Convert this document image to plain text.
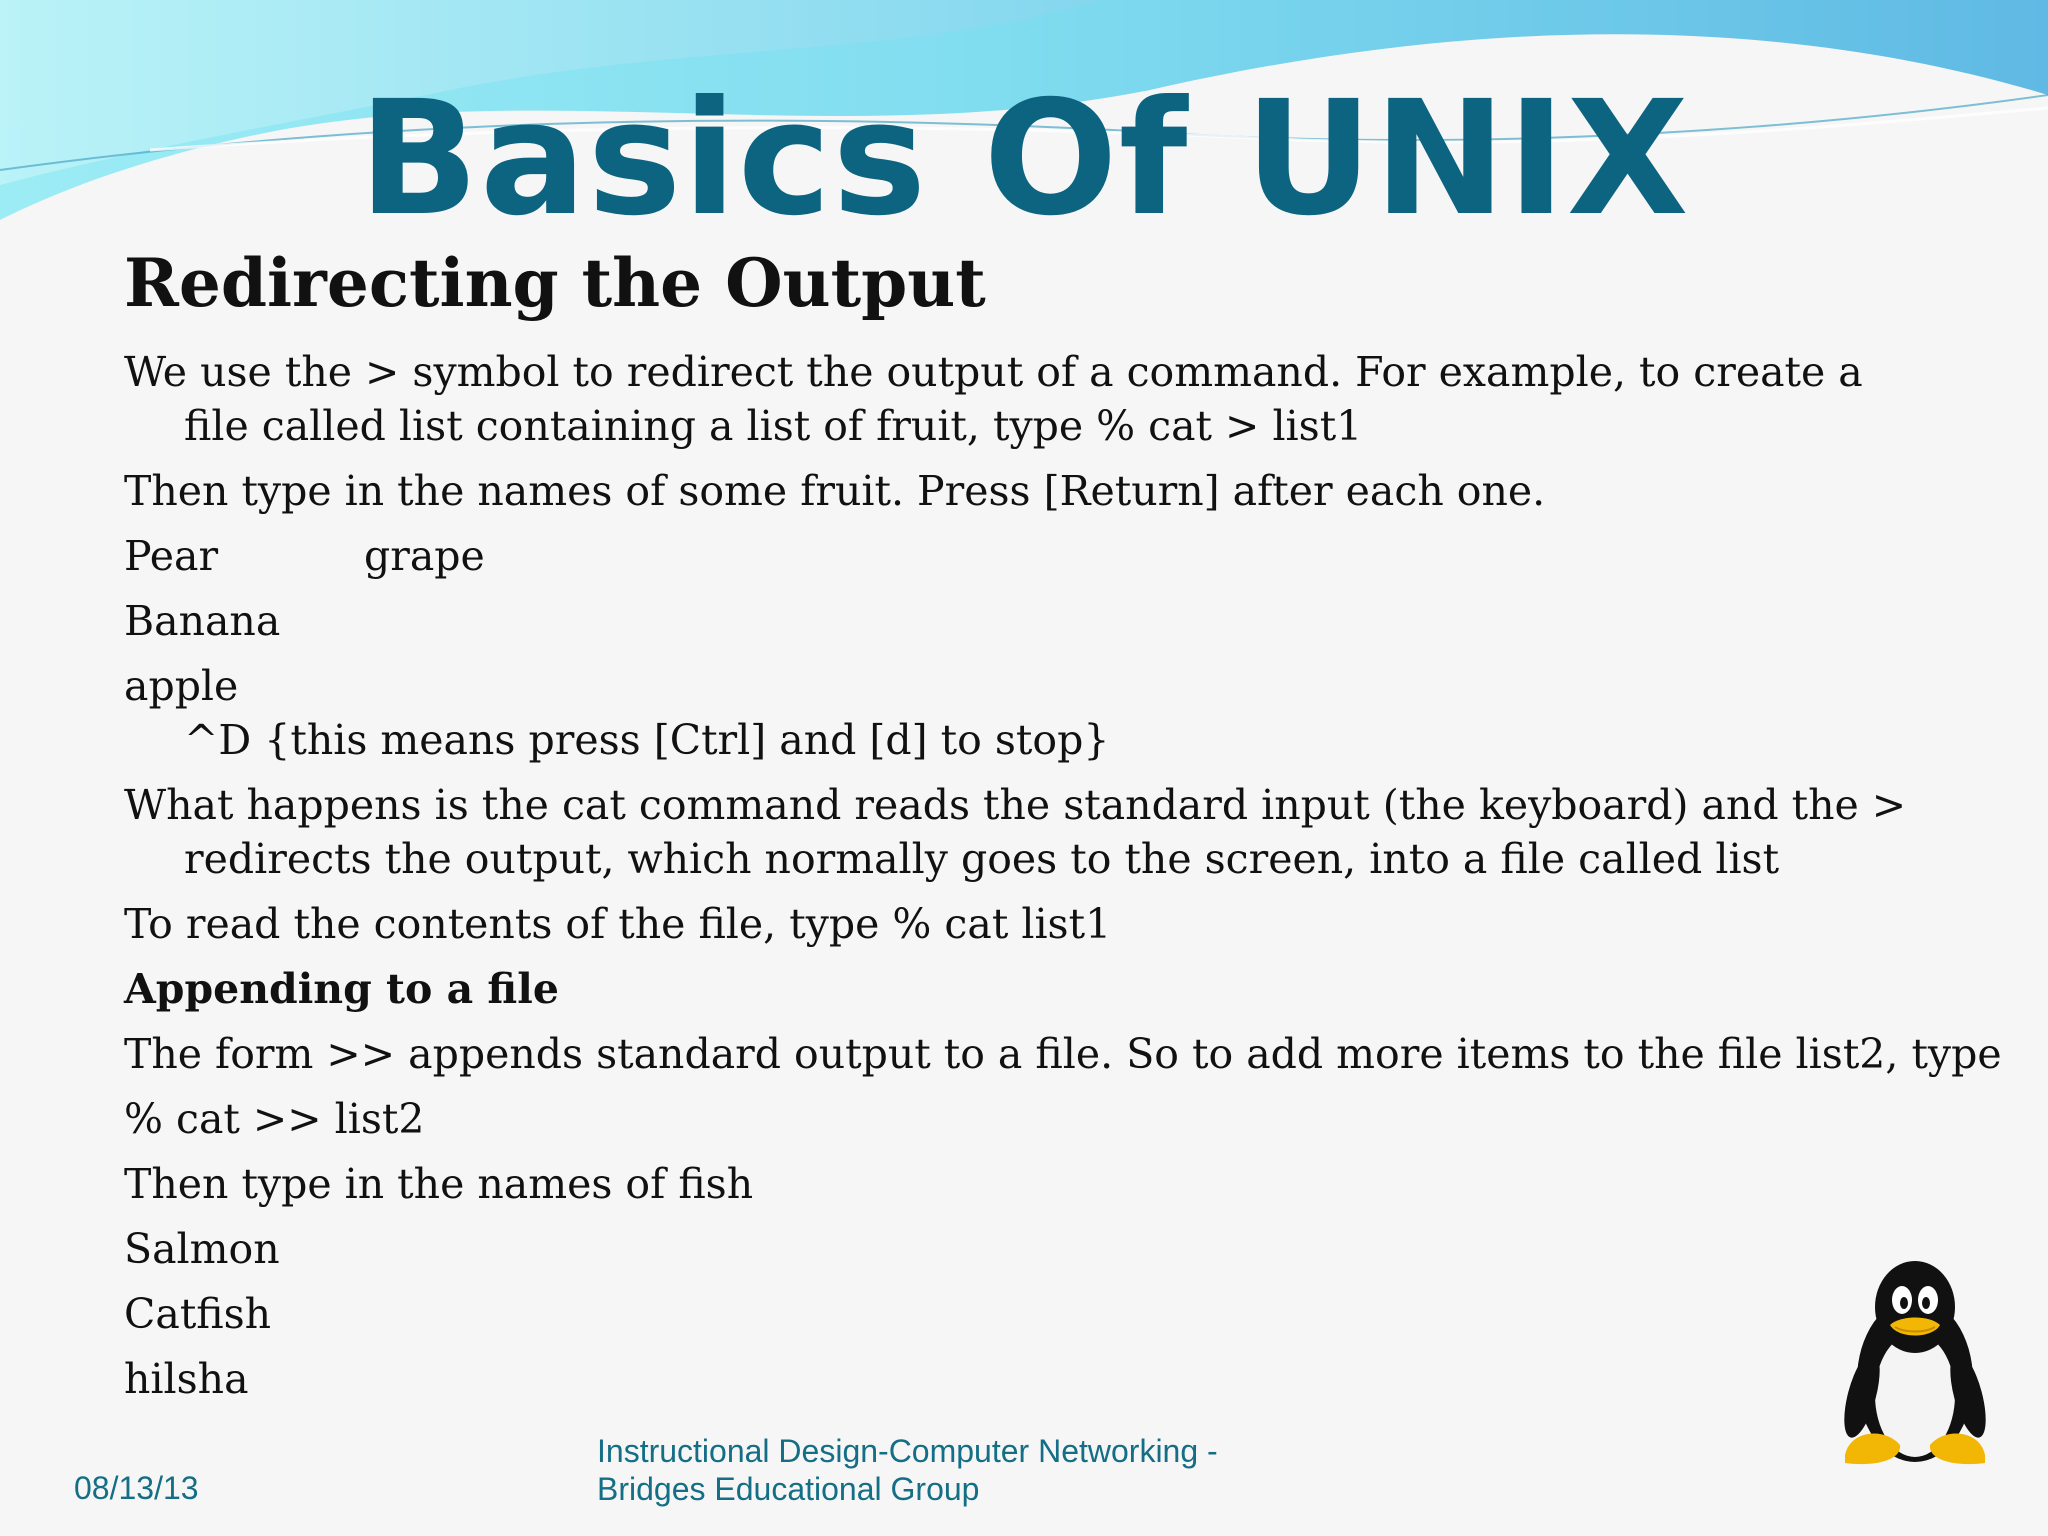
Basics Of UNIX
Redirecting the Output

We use the > symbol to redirect the output of a command. For example, to create a file called list containing a list of fruit, type % cat > list1

Then type in the names of some fruit. Press [Return] after each one.

Pear	grape

Banana

apple

^D {this means press [Ctrl] and [d] to stop}

What happens is the cat command reads the standard input (the keyboard) and the > redirects the output, which normally goes to the screen, into a file called list

To read the contents of the file, type % cat list1

Appending to a file

The form >> appends standard output to a file. So to add more items to the file list2, type

% cat >> list2

Then type in the names of fish

Salmon

Catfish

hilsha

08/13/13
Instructional Design-Computer Networking -
Bridges Educational Group
